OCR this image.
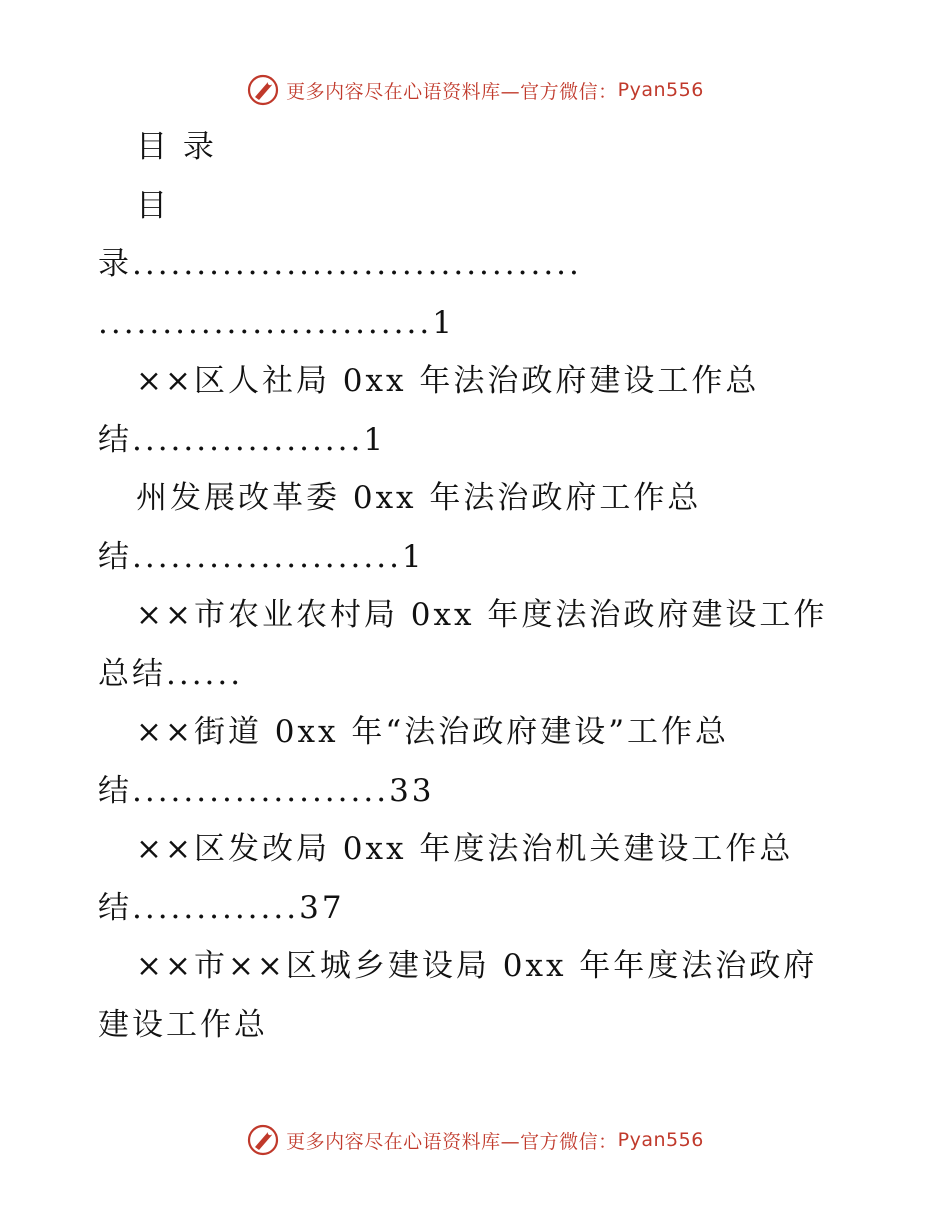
更多内容尽在心语资料库—官方微信： Pyan556
目 录
目
录...................................
..........................1
××区人社局 0xx 年法治政府建设工作总
结..................1
州发展改革委 0xx 年法治政府工作总
结.....................1
××市农业农村局 0xx 年度法治政府建设工作
总结......
××街道 0xx 年“法治政府建设”工作总
结....................33
××区发改局 0xx 年度法治机关建设工作总
结.............37
××市××区城乡建设局 0xx 年年度法治政府
建设工作总
更多内容尽在心语资料库—官方微信： Pyan556
